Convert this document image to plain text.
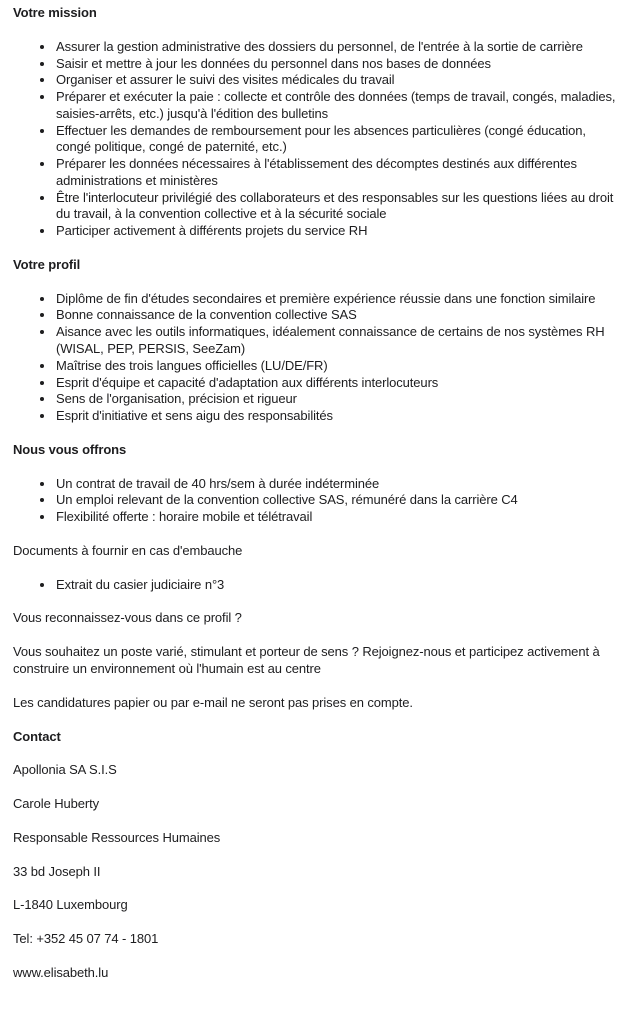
Votre mission

• Assurer la gestion administrative des dossiers du personnel, de l'entrée à la sortie de carrière
• Saisir et mettre à jour les données du personnel dans nos bases de données
• Organiser et assurer le suivi des visites médicales du travail
• Préparer et exécuter la paie : collecte et contrôle des données (temps de travail, congés, maladies, saisies-arrêts, etc.) jusqu'à l'édition des bulletins
• Effectuer les demandes de remboursement pour les absences particulières (congé éducation, congé politique, congé de paternité, etc.)
• Préparer les données nécessaires à l'établissement des décomptes destinés aux différentes administrations et ministères
• Être l'interlocuteur privilégié des collaborateurs et des responsables sur les questions liées au droit du travail, à la convention collective et à la sécurité sociale
• Participer activement à différents projets du service RH

Votre profil

• Diplôme de fin d'études secondaires et première expérience réussie dans une fonction similaire
• Bonne connaissance de la convention collective SAS
• Aisance avec les outils informatiques, idéalement connaissance de certains de nos systèmes RH (WISAL, PEP, PERSIS, SeeZam)
• Maîtrise des trois langues officielles (LU/DE/FR)
• Esprit d'équipe et capacité d'adaptation aux différents interlocuteurs
• Sens de l'organisation, précision et rigueur
• Esprit d'initiative et sens aigu des responsabilités

Nous vous offrons

• Un contrat de travail de 40 hrs/sem à durée indéterminée
• Un emploi relevant de la convention collective SAS, rémunéré dans la carrière C4
• Flexibilité offerte : horaire mobile et télétravail

Documents à fournir en cas d'embauche

• Extrait du casier judiciaire n°3

Vous reconnaissez-vous dans ce profil ?

Vous souhaitez un poste varié, stimulant et porteur de sens ? Rejoignez-nous et participez activement à construire un environnement où l'humain est au centre

Les candidatures papier ou par e-mail ne seront pas prises en compte.

Contact

Apollonia SA S.I.S

Carole Huberty

Responsable Ressources Humaines

33 bd Joseph II

L-1840 Luxembourg

Tel: +352 45 07 74 - 1801

www.elisabeth.lu
